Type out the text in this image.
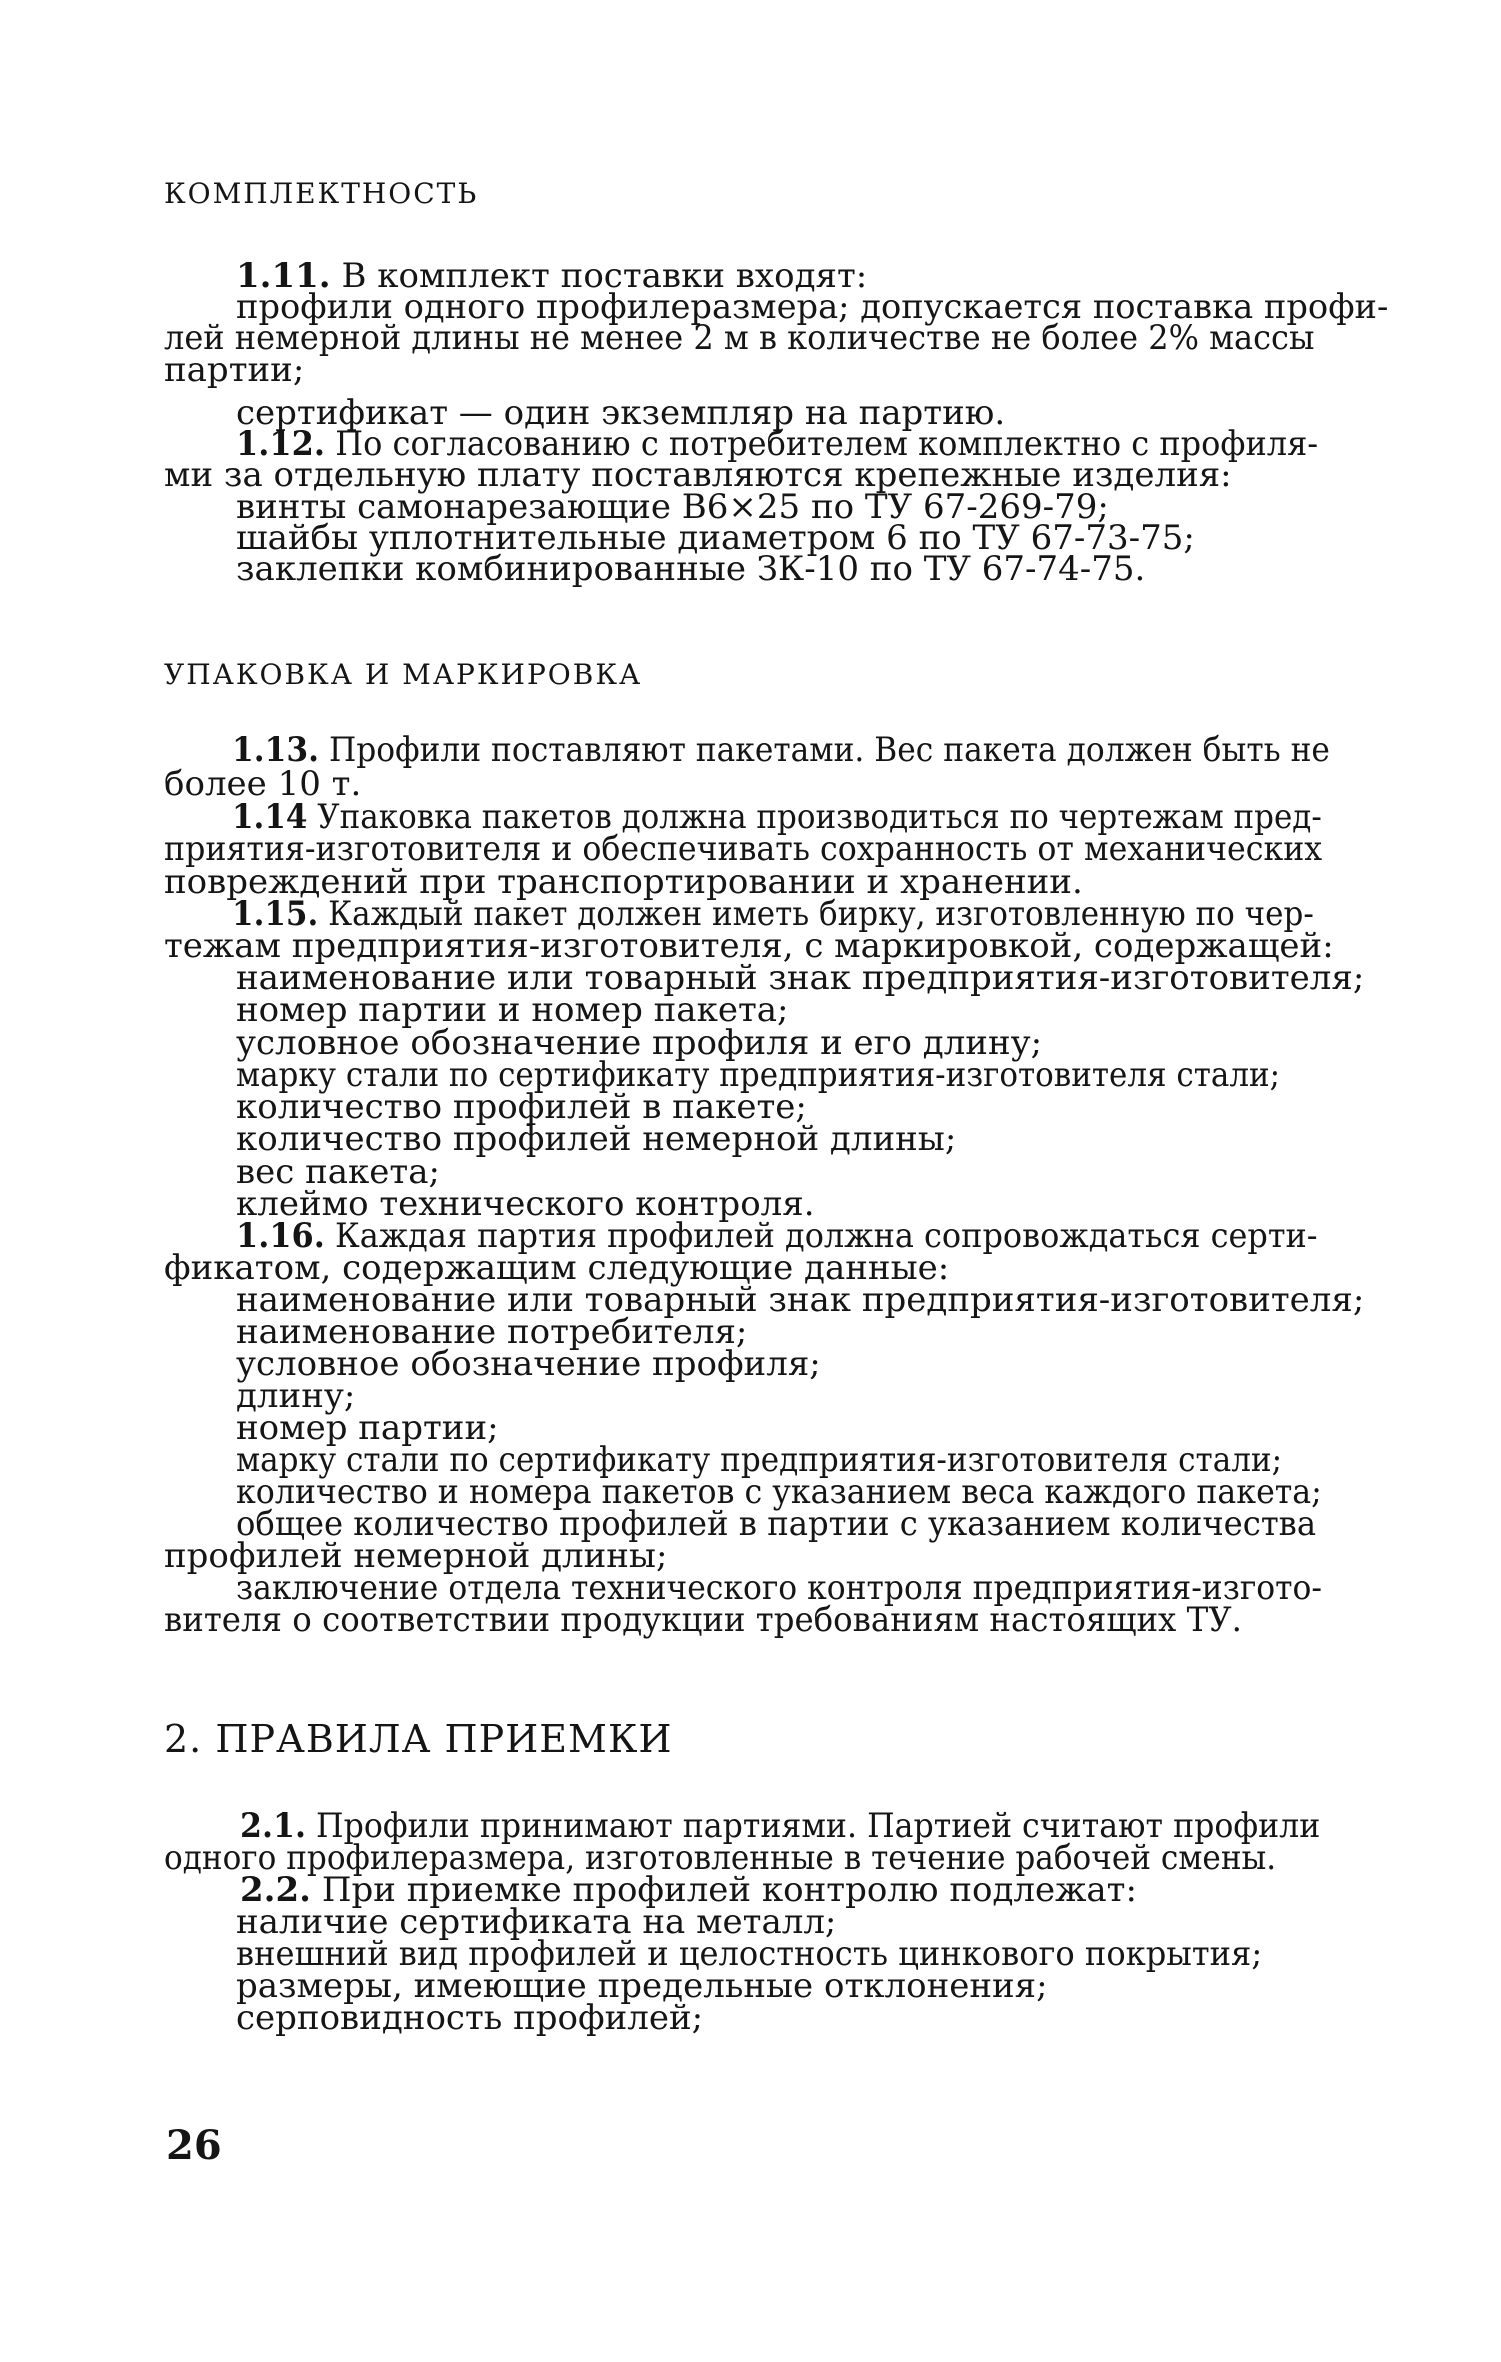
КОМПЛЕКТНОСТЬ
1.11. В комплект поставки входят:
профили одного профилеразмера; допускается поставка профи-
лей немерной длины не менее 2 м в количестве не более 2% массы
партии;
сертификат — один экземпляр на партию.
1.12. По согласованию с потребителем комплектно с профиля-
ми за отдельную плату поставляются крепежные изделия:
винты самонарезающие В6×25 по ТУ 67-269-79;
шайбы уплотнительные диаметром 6 по ТУ 67-73-75;
заклепки комбинированные ЗК-10 по ТУ 67-74-75.
УПАКОВКА И МАРКИРОВКА
1.13. Профили поставляют пакетами. Вес пакета должен быть не
более 10 т.
1.14 Упаковка пакетов должна производиться по чертежам пред-
приятия-изготовителя и обеспечивать сохранность от механических
повреждений при транспортировании и хранении.
1.15. Каждый пакет должен иметь бирку, изготовленную по чер-
тежам предприятия-изготовителя, с маркировкой, содержащей:
наименование или товарный знак предприятия-изготовителя;
номер партии и номер пакета;
условное обозначение профиля и его длину;
марку стали по сертификату предприятия-изготовителя стали;
количество профилей в пакете;
количество профилей немерной длины;
вес пакета;
клеймо технического контроля.
1.16. Каждая партия профилей должна сопровождаться серти-
фикатом, содержащим следующие данные:
наименование или товарный знак предприятия-изготовителя;
наименование потребителя;
условное обозначение профиля;
длину;
номер партии;
марку стали по сертификату предприятия-изготовителя стали;
количество и номера пакетов с указанием веса каждого пакета;
общее количество профилей в партии с указанием количества
профилей немерной длины;
заключение отдела технического контроля предприятия-изгото-
вителя о соответствии продукции требованиям настоящих ТУ.
2. ПРАВИЛА ПРИЕМКИ
2.1. Профили принимают партиями. Партией считают профили
одного профилеразмера, изготовленные в течение рабочей смены.
2.2. При приемке профилей контролю подлежат:
наличие сертификата на металл;
внешний вид профилей и целостность цинкового покрытия;
размеры, имеющие предельные отклонения;
серповидность профилей;
26
